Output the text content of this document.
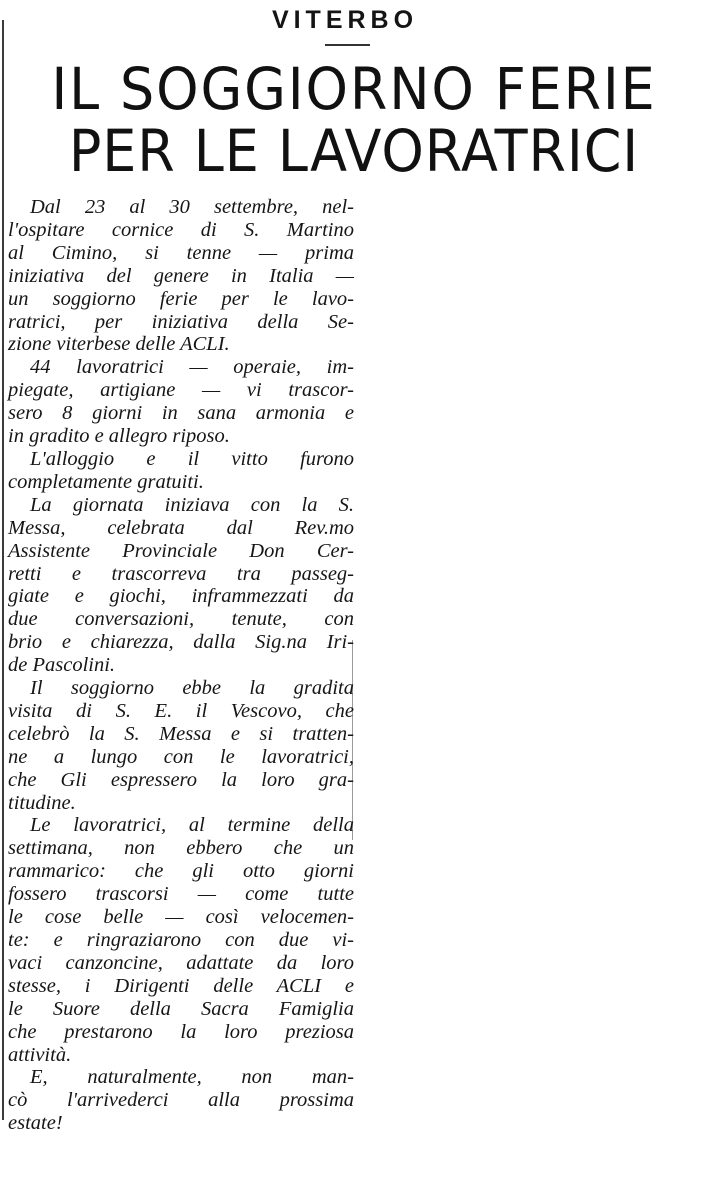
VITERBO
IL SOGGIORNO FERIE
PER LE LAVORATRICI
Dal 23 al 30 settembre, nel-
l'ospitare cornice di S. Martino
al Cimino, si tenne — prima
iniziativa del genere in Italia —
un soggiorno ferie per le lavo-
ratrici, per iniziativa della Se-
zione viterbese delle ACLI.
44 lavoratrici — operaie, im-
piegate, artigiane — vi trascor-
sero 8 giorni in sana armonia e
in gradito e allegro riposo.
L'alloggio e il vitto furono
completamente gratuiti.
La giornata iniziava con la S.
Messa, celebrata dal Rev.mo
Assistente Provinciale Don Cer-
retti e trascorreva tra passeg-
giate e giochi, inframmezzati da
due conversazioni, tenute, con
brio e chiarezza, dalla Sig.na Iri-
de Pascolini.
Il soggiorno ebbe la gradita
visita di S. E. il Vescovo, che
celebrò la S. Messa e si tratten-
ne a lungo con le lavoratrici,
che Gli espressero la loro gra-
titudine.
Le lavoratrici, al termine della
settimana, non ebbero che un
rammarico: che gli otto giorni
fossero trascorsi — come tutte
le cose belle — così velocemen-
te: e ringraziarono con due vi-
vaci canzoncine, adattate da loro
stesse, i Dirigenti delle ACLI e
le Suore della Sacra Famiglia
che prestarono la loro preziosa
attività.
E, naturalmente, non man-
cò l'arrivederci alla prossima
estate!
